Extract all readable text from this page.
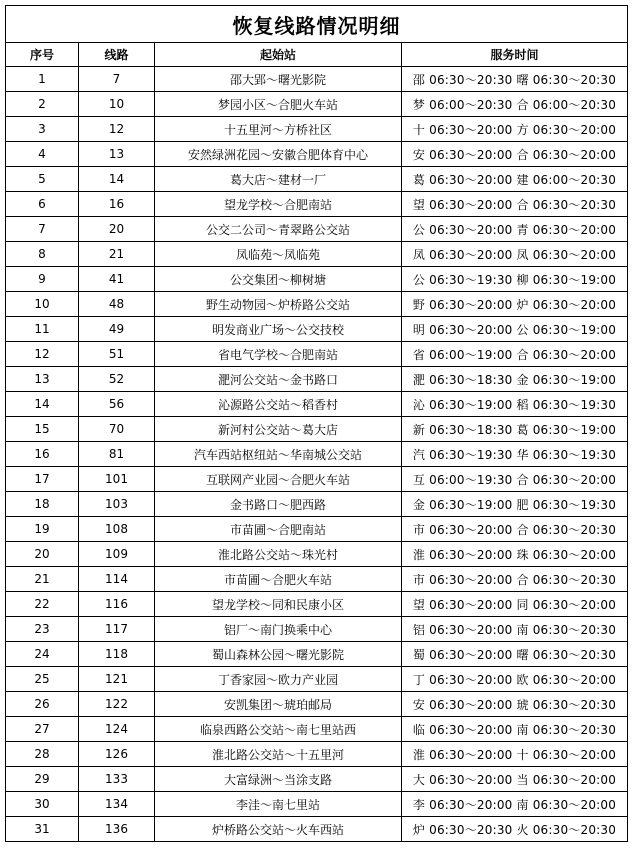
恢复线路情况明细			
序号	线路	起始站	服务时间
1	7	邵大郢～曙光影院	邵 06:30～20:30 曙 06:30～20:30
2	10	梦园小区～合肥火车站	梦 06:00～20:30 合 06:00～20:30
3	12	十五里河～方桥社区	十 06:30～20:00 方 06:30～20:00
4	13	安然绿洲花园～安徽合肥体育中心	安 06:30～20:00 合 06:30～20:00
5	14	葛大店～建材一厂	葛 06:30～20:00 建 06:00～20:30
6	16	望龙学校～合肥南站	望 06:30～20:00 合 06:30～20:30
7	20	公交二公司～青翠路公交站	公 06:30～20:00 青 06:30～20:00
8	21	凤临苑～凤临苑	凤 06:30～20:00 凤 06:30～20:00
9	41	公交集团～柳树塘	公 06:30～19:30 柳 06:30～19:00
10	48	野生动物园～炉桥路公交站	野 06:30～20:00 炉 06:30～20:00
11	49	明发商业广场～公交技校	明 06:30～20:00 公 06:30～19:00
12	51	省电气学校～合肥南站	省 06:00～19:00 合 06:30～20:00
13	52	淝河公交站～金书路口	淝 06:30～18:30 金 06:30～19:00
14	56	沁源路公交站～稻香村	沁 06:30～19:00 稻 06:30～19:30
15	70	新河村公交站～葛大店	新 06:30～18:30 葛 06:30～19:00
16	81	汽车西站枢纽站～华南城公交站	汽 06:30～19:30 华 06:30～19:30
17	101	互联网产业园～合肥火车站	互 06:00～19:30 合 06:30～20:00
18	103	金书路口～肥西路	金 06:30～19:00 肥 06:30～19:30
19	108	市苗圃～合肥南站	市 06:30～20:00 合 06:30～20:30
20	109	淮北路公交站～珠光村	淮 06:30～20:00 珠 06:30～20:00
21	114	市苗圃～合肥火车站	市 06:30～20:00 合 06:30～20:30
22	116	望龙学校～同和民康小区	望 06:30～20:00 同 06:30～20:00
23	117	铝厂～南门换乘中心	铝 06:30～20:00 南 06:30～20:30
24	118	蜀山森林公园～曙光影院	蜀 06:30～20:00 曙 06:30～20:30
25	121	丁香家园～欧力产业园	丁 06:30～20:00 欧 06:30～20:00
26	122	安凯集团～琥珀邮局	安 06:30～20:00 琥 06:30～20:30
27	124	临泉西路公交站～南七里站西	临 06:30～20:00 南 06:30～20:30
28	126	淮北路公交站～十五里河	淮 06:30～20:00 十 06:30～20:00
29	133	大富绿洲～当涂支路	大 06:30～20:00 当 06:30～20:00
30	134	李洼～南七里站	李 06:30～20:00 南 06:30～20:00
31	136	炉桥路公交站～火车西站	炉 06:30～20:30 火 06:30～20:30
